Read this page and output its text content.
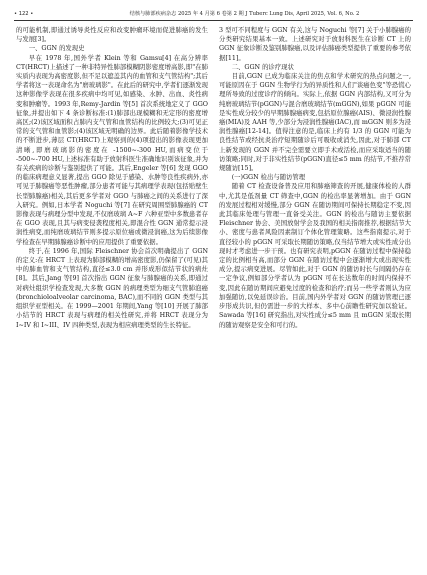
• 122 •	结核与肺部疾病杂志 2025 年 4 月第 6 卷第 2 期 J Tuberc Lung Dis, April 2025, Vol. 6, No. 2

的可能机制,即通过诱导炎性反应和改变肿瘤环境而促进肺癌的发生与发展[3]。

一、GGN 的发现史

早在 1978 年,国外学者 Klein 等和 Gamsu[4] 在高分辨率 CT(HRCT)上描述了一种非特异性肺部模糊阴影密度增高影,即"在肺实质内表现为高密度影,但不足以遮盖其内的血管和支气管结构";其后学者将这一表现命名为"磨玻璃影"。在此后的研究中,学者们逐渐发现这种影像学表现在很多疾病中均可见,如感染、水肿、出血、炎性病变和肿瘤等。1993 年,Remy-Jardin 等[5] 首次系统地定义了 GGO 征象,并提出如下 4 条诊断标准:(1)肺部出现模糊和无定形的密度增高区;(2)该区域面积占肺内支气管和血管结构的比例较大;(3)可见正常的支气管和血管影;(4)该区域无明确的边界。此后随着影像学技术的不断进步,薄层 CT(HRCT)上观察到的(4)项提出的影像表现更加清晰,即磨玻璃影的密度在 -1500~-300 HU,而病变位于 -500~-700 HU,上述标准有助于放射科医生准确地识别该征象,并为有关疾病的诊断与鉴别提供了可能。其后,Engeler 等[6] 发现 GGO 的临床病理意义显著,提出 GGO 除见于感染、水肿等良性疾病外,亦可见于肺腺癌等恶性肿瘤,部分患者可能与其病理学表现(包括贴壁生长型肺腺癌)相关,其后更多学者对 GGO 与肺癌之间的关系进行了深入研究。例如,日本学者 Noguchi 等[7] 在研究周围型肺腺癌的 CT 影像表现与病理分型中发现,不仅磨玻璃 A~F 六种亚型中多数患者存在 GGO 表现,且其与病变侵袭程度相关,即混合性 GGN 通常提示浸润性病变,而纯磨玻璃结节则多提示原位癌或微浸润癌,这为后续影像学检查在早期肺腺癌诊断中的应用提供了重要依据。

终于,在 1996 年,国际 Fleischner 协会首次明确提出了 GGN 的定义:在 HRCT 上表现为肺部模糊的增高密度影,仍保留了(可见)其中的肺血管和支气管结构,直径≤3.0 cm 并形成形似结节状的病灶[8]。其后,Jang 等[9] 首次指出 GGN 征象与肺腺癌的关系,即通过对病灶组织学检查发现,大多数 GGN 的病理类型为细支气管肺泡癌(bronchioloalveolar carcinoma, BAC),而不同的 GGN 类型与其组织学亚型相关。在 1999—2001 年期间,Yang 等[10] 开展了肺部小结节的 HRCT 表现与病理的相关性研究,并将 HRCT 表现分为 I~IV 和 I~III、IV 四种类型,表现为相应病理类型的生长特征。

3 型可不同程度与 GGN 有关,这与 Noguchi 等[7] 关于小肺腺癌的分类研究结果基本一致。上述研究对于放射科医生在诊断 CT 上的 GGN 征象诊断及鉴别肺腺癌,以及评估肺癌类型提供了重要的参考依据[11]。

二、GGN 的诊疗现状

目前,GGN 已成为临床关注的焦点和学术研究的热点问题之一,可能原因在于 GGN 生物学行为的异质性和人们"谈癌色变"等恐慌心理所导致的过度诊疗的倾向。实际上,依据 GGN 内部结构,又可分为纯磨玻璃结节(pGGN)与混合磨玻璃结节(mGGN),如果 pGGN 可能是实性成分较少的早期肺腺癌病变,包括原位腺癌(AIS)、微浸润性腺癌(MIA)及 AAH 等,少部分为浸润性腺癌(IAC),而 mGGN 则多为浸润性腺癌[12-14]。值得注意的是,临床上约有 1/3 的 GGN 可能为良性结节或经抗炎治疗短期随诊后可吸收或消失,因此,对于肺部 CT 上新发现的 GGN 并不完全需要立即手术或活检,而应采取适当的随访策略;同时,对于非实性结节(pGGN)直径≤5 mm 的结节,不推荐常规随访[15]。

(一)GGN 检出与随访管理

随着 CT 检查设备普及应用和肺癌筛查的开展,健康体检的人群中,尤其是低剂量 CT 筛查中,GGN 的检出率显著增加。由于 GGN 的发展过程相对缓慢,部分 GGN 在随访期间可保持长期稳定不变,因此其临床处理与管理一直备受关注。GGN 的检出与随访主要依据 Fleischner 协会、美国放射学会及我国的相关指南推荐,根据结节大小、密度与患者风险因素制订个体化管理策略。这些指南提示,对于直径较小的 pGGN 可采取长期随访策略,仅当结节增大或实性成分出现时才考虑进一步干预。也有研究表明,pGGN 在随访过程中保持稳定的比例相当高,而部分 GGN 在随访过程中会逐渐增大或出现实性成分,提示病变进展。尽管如此,对于 GGN 的随访时长与间隔仍存在一定争议,例如部分学者认为 pGGN 可在长达数年的时间内保持不变,因此在随访期间应避免过度的检查和治疗;而另一些学者则认为应加强随访,以免延误诊治。目前,国内外学者对 GGN 的随访管理已逐步形成共识,但仍需进一步的大样本、多中心前瞻性研究加以验证。Sawada 等[16] 研究指出,对实性成分≤5 mm 且 mGGN 采取长期的随访观察是安全和可行的。
